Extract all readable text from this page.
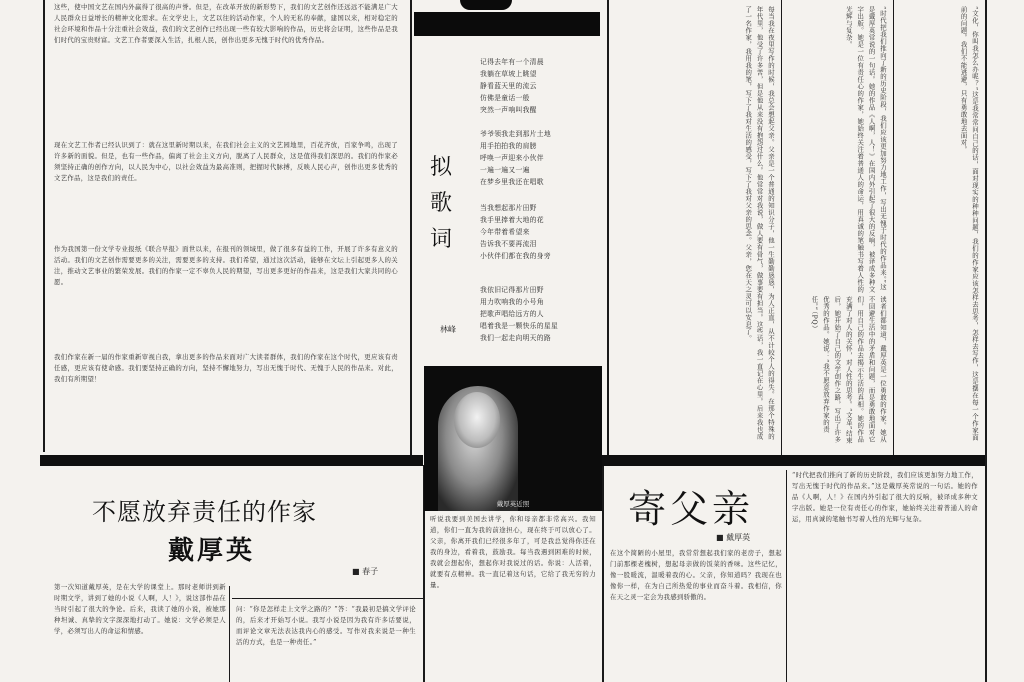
这些，使中国文艺在国内外赢得了很高的声誉。但是，在改革开放的新形势下，我们的文艺创作还远远不能满足广大人民群众日益增长的精神文化需求。在文学史上，文艺以往的活动作家，个人的无私的奉献，建国以来，相对稳定的社会环境和作品十分注重社会效益，我们的文艺创作已经出现一些有较大影响的作品，历史将会证明，这些作品是我们时代的宝贵财富。文艺工作者要深入生活，扎根人民，创作出更多无愧于时代的优秀作品。
现在文艺工作者已经认识到了：就在这里新时期以来，在我们社会主义的文艺园地里，百花齐放，百家争鸣，出现了许多新的面貌。但是，也有一些作品，偏离了社会主义方向，脱离了人民群众，这是值得我们深思的。我们的作家必须坚持正确的创作方向，以人民为中心，以社会效益为最高准则，把握时代脉搏，反映人民心声，创作出更多优秀的文艺作品，这是我们的责任。
作为我国第一份文学专业报纸《联合早报》面世以来，在报刊的领域里，做了很多有益的工作，开展了许多有意义的活动。我们的文艺创作需要更多的关注，需要更多的支持。我们希望，通过这次活动，能够在文坛上引起更多人的关注，推动文艺事业的繁荣发展。我们的作家一定不辜负人民的期望，写出更多更好的作品来，这是我们大家共同的心愿。
我们作家在新一届的作家重新审视自我，拿出更多的作品来面对广大读者群体，我们的作家在这个时代，更应该有责任感，更应该有使命感。我们要坚持正确的方向，坚持不懈地努力，写出无愧于时代、无愧于人民的作品来。对此，我们有所期望！
拟
歌
词
林峰
记得去年有一个清晨
我躺在草坡上眺望
静看蓝天里的流云
仿佛是童话一般
突然一声响叫我醒
爷爷领我走到那片土地
用手拍拍我的肩膀
呼唤一声迎来小伙伴
一遍一遍又一遍
在梦乡里我还在唱歌
当我想起那片田野
我手里捧着大地的花
今年带着希望来
告诉我不要再流泪
小伙伴们都在我的身旁
我依旧记得那片田野
用力吹响我的小号角
把歌声唱给远方的人
唱着我是一颗快乐的星星
我们一起走向明天的路
戴厚英近照
每当我在夜里写作的时候，我总会想起父亲。父亲是一个普通的知识分子，他一生勤勤恳恳，为人正直，从不计较个人的得失。在那个特殊的年代里，他受了许多苦，但是他从来没有抱怨过什么。他常常对我说，做人要有骨气，做事要有担当。这些话，我一直记在心里。后来我也成了一名作家，我用我的笔，写下了我对生活的感受，写下了我对父亲的思念。父亲，您在天之灵可以安息了。	“时代把我们推向了新的历史阶段，我们应该更加努力地工作，写出无愧于时代的作品来。”这是戴厚英常说的一句话。她的作品《人啊，人！》在国内外引起了很大的反响，被译成多种文字出版。她是一位有责任心的作家，她始终关注着普通人的命运，用真诚的笔触书写着人性的光辉与复杂。
读者们都知道，戴厚英是一位勇敢的作家。她从不回避生活中的矛盾和问题，而是勇敢地面对它们，用自己的作品去揭示生活的真相。她的作品充满了对人的关怀，对人性的思考。“文革”结束后，她开始了自己的文学创作之路，写出了许多优秀的作品。她说：“我不愿意放弃作家的责任。”（PQ）	“文化，你叫我怎么办呢？”这是我常常问自己的话，面对现实的种种问题，我们的作家应该怎样去思考，怎样去写作，这是摆在每一个作家面前的问题。我们不能逃避，只有勇敢地去面对。
不愿放弃责任的作家
戴厚英
■ 春子
第一次知道戴厚英，是在大学的课堂上。那时老师讲到新时期文学，讲到了她的小说《人啊，人！》，说这部作品在当时引起了很大的争论。后来，我读了她的小说，被她那种坦诚、真挚的文字深深地打动了。她说：文学必须是人学，必须写出人的命运和情感。
问：“你是怎样走上文学之路的？”答：“我最初是搞文学评论的，后来才开始写小说。我写小说是因为我有许多话要说，而评论文章无法表达我内心的感受。写作对我来说是一种生活的方式，也是一种责任。”
听说我要到美国去讲学，你和母亲都非常高兴。我知道，你们一直为我的前途担心，现在终于可以放心了。父亲，你离开我们已经很多年了，可是我总觉得你还在我的身边，看着我，鼓励我。每当我遇到困难的时候，我就会想起你，想起你对我说过的话。你说：人活着，就要有点精神。我一直记着这句话，它给了我无穷的力量。
寄父亲
■ 戴厚英
在这个简陋的小屋里，我常常想起我们家的老房子，想起门前那棵老槐树，想起母亲做的饭菜的香味。这些记忆，像一股暖流，温暖着我的心。父亲，你知道吗？我现在也像你一样，在为自己所热爱的事业而奋斗着。我相信，你在天之灵一定会为我感到骄傲的。
“时代把我们推向了新的历史阶段，我们应该更加努力地工作，写出无愧于时代的作品来。”这是戴厚英常说的一句话。她的作品《人啊，人！》在国内外引起了很大的反响，被译成多种文字出版。她是一位有责任心的作家，她始终关注着普通人的命运，用真诚的笔触书写着人性的光辉与复杂。
